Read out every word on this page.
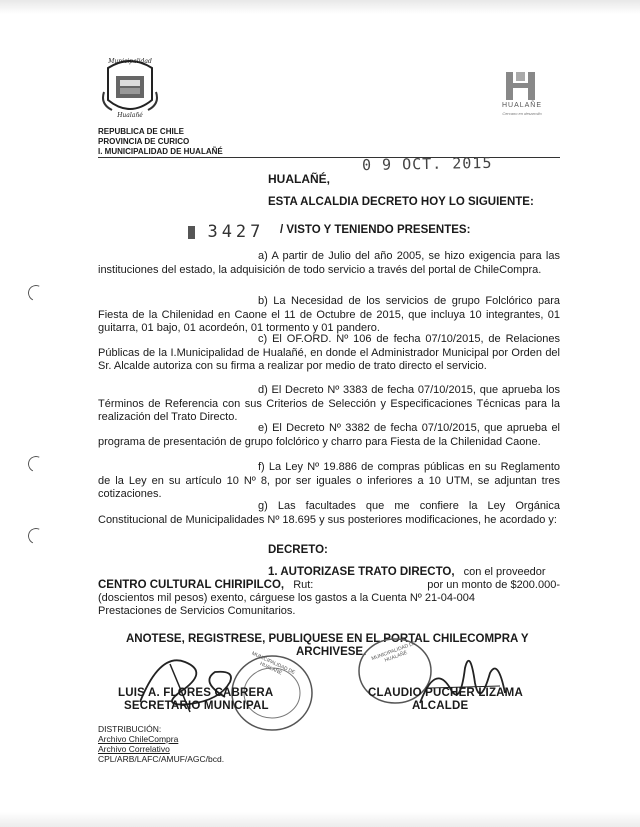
Municipalidad
Hualañé
HUALAÑE
Cercano en desarrollo
REPUBLICA DE CHILE
PROVINCIA DE CURICO
I. MUNICIPALIDAD DE HUALAÑÉ
HUALAÑÉ,
0 9 OCT. 2015
ESTA ALCALDIA DECRETO HOY LO SIGUIENTE:
3427 / VISTO Y TENIENDO PRESENTES:
a) A partir de Julio del año 2005, se hizo exigencia para las instituciones del estado, la adquisición de todo servicio a través del portal de ChileCompra.
b) La Necesidad de los servicios de grupo Folclórico para Fiesta de la Chilenidad en Caone el 11 de Octubre de 2015, que incluya 10 integrantes, 01 guitarra, 01 bajo, 01 acordeón, 01 tormento y 01 pandero.
c) El OF.ORD. Nº 106 de fecha 07/10/2015, de Relaciones Públicas de la I.Municipalidad de Hualañé, en donde el Administrador Municipal por Orden del Sr. Alcalde autoriza con su firma a realizar por medio de trato directo el servicio.
d) El Decreto Nº 3383 de fecha 07/10/2015, que aprueba los Términos de Referencia con sus Criterios de Selección y Especificaciones Técnicas para la realización del Trato Directo.
e) El Decreto Nº 3382 de fecha 07/10/2015, que aprueba el programa de presentación de grupo folclórico y charro para Fiesta de la Chilenidad Caone.
f) La Ley Nº 19.886 de compras públicas en su Reglamento de la Ley en su artículo 10 Nº 8, por ser iguales o inferiores a 10 UTM, se adjuntan tres cotizaciones.
g) Las facultades que me confiere la Ley Orgánica Constitucional de Municipalidades Nº 18.695 y sus posteriores modificaciones, he acordado y:
DECRETO:
1. AUTORIZASE TRATO DIRECTO, con el proveedor
CENTRO CULTURAL CHIRIPILCO, Rut:	por un monto de $200.000-
(doscientos mil pesos) exento, cárguese los gastos a la Cuenta Nº 21-04-004
Prestaciones de Servicios Comunitarios.
ANOTESE, REGISTRESE, PUBLIQUESE EN EL PORTAL CHILECOMPRA Y
ARCHIVESE.
MUNICIPALIDAD DE HUALAÑÉ
MUNICIPALIDAD DE HUALAÑÉ
LUIS A. FLORES CABRERA
SECRETARIO MUNICIPAL
CLAUDIO PUCHER LIZAMA
ALCALDE
DISTRIBUCIÓN:
Archivo ChileCompra
Archivo Correlativo
CPL/ARB/LAFC/AMUF/AGC/bcd.
